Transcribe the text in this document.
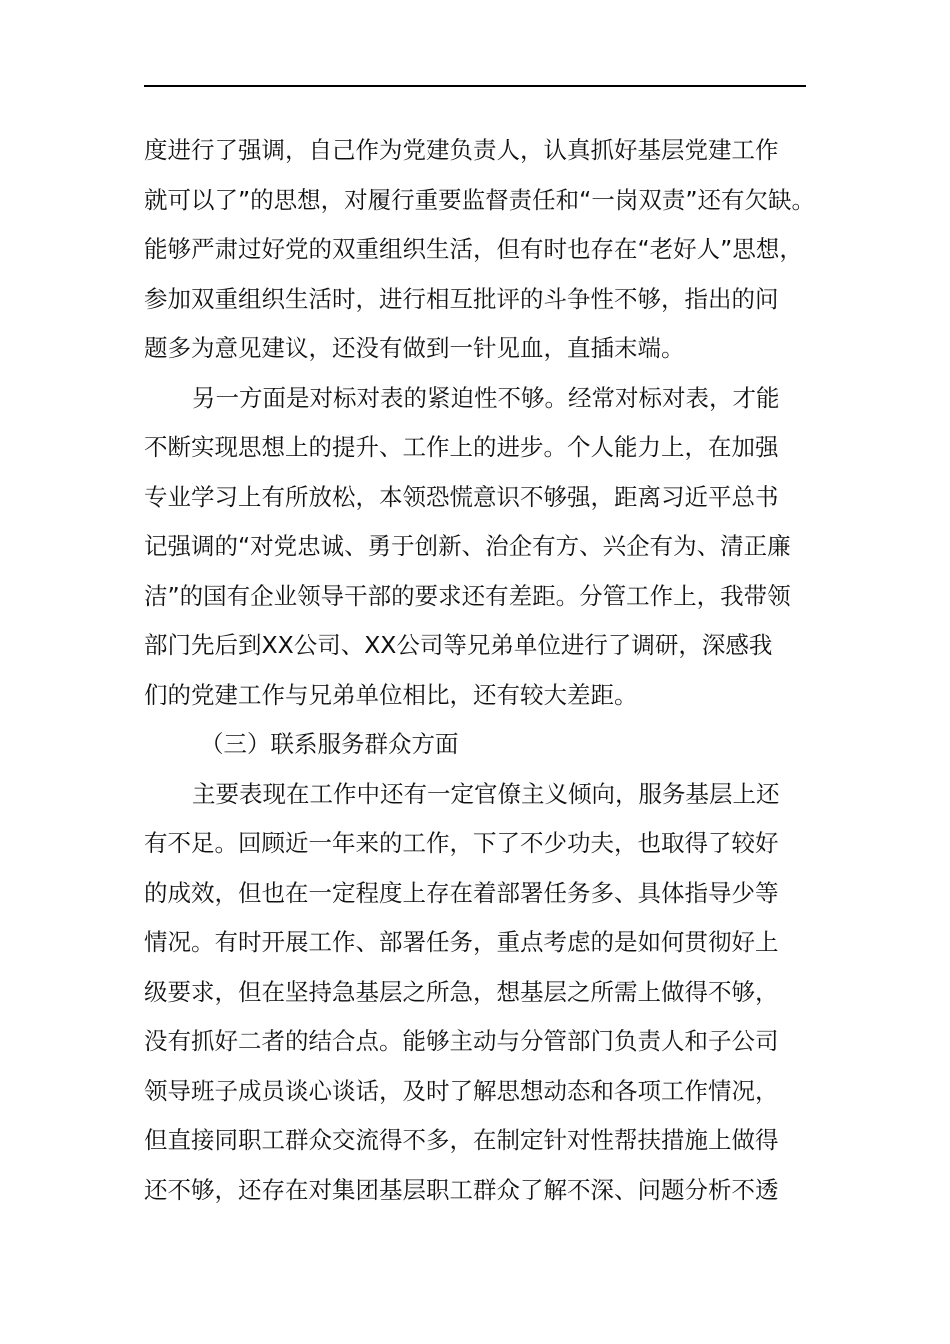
度进行了强调，自己作为党建负责人，认真抓好基层党建工作
就可以了”的思想，对履行重要监督责任和“一岗双责”还有欠缺。
能够严肃过好党的双重组织生活，但有时也存在“老好人”思想，
参加双重组织生活时，进行相互批评的斗争性不够，指出的问
题多为意见建议，还没有做到一针见血，直插末端。
另一方面是对标对表的紧迫性不够。经常对标对表，才能
不断实现思想上的提升、工作上的进步。个人能力上，在加强
专业学习上有所放松，本领恐慌意识不够强，距离习近平总书
记强调的“对党忠诚、勇于创新、治企有方、兴企有为、清正廉
洁”的国有企业领导干部的要求还有差距。分管工作上，我带领
部门先后到XX公司、XX公司等兄弟单位进行了调研，深感我
们的党建工作与兄弟单位相比，还有较大差距。
（三）联系服务群众方面
主要表现在工作中还有一定官僚主义倾向，服务基层上还
有不足。回顾近一年来的工作，下了不少功夫，也取得了较好
的成效，但也在一定程度上存在着部署任务多、具体指导少等
情况。有时开展工作、部署任务，重点考虑的是如何贯彻好上
级要求，但在坚持急基层之所急，想基层之所需上做得不够，
没有抓好二者的结合点。能够主动与分管部门负责人和子公司
领导班子成员谈心谈话，及时了解思想动态和各项工作情况，
但直接同职工群众交流得不多，在制定针对性帮扶措施上做得
还不够，还存在对集团基层职工群众了解不深、问题分析不透
